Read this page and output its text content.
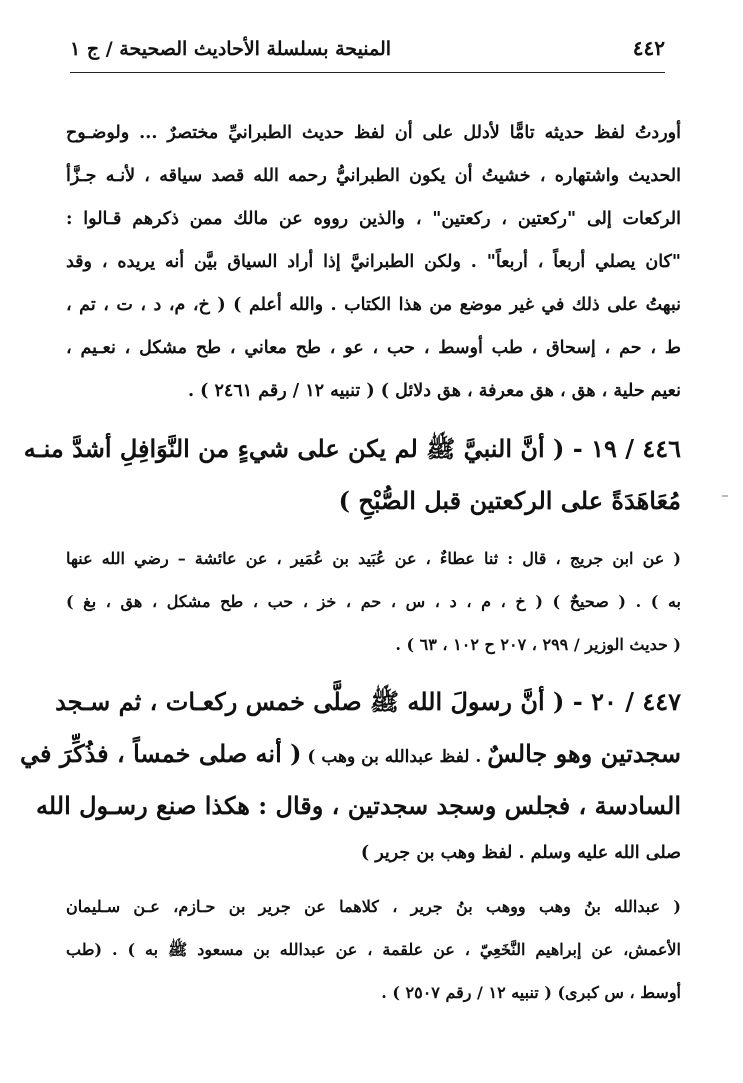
٤٤٢
المنيحة بسلسلة الأحاديث الصحيحة / ج ١
أوردتُ لفظ حديثه تامًّا لأدلل على أن لفظ حديث الطبرانيِّ مختصرٌ ... ولوضـوح
الحديث واشتهاره ، خشيتُ أن يكون الطبرانيُّ رحمه الله قصد سياقه ، لأنـه جـزَّأ
الركعات إلى "ركعتين ، ركعتين" ، والذين رووه عن مالك ممن ذكرهم قـالوا :
"كان يصلي أربعاً ، أربعاً" . ولكن الطبرانيَّ إذا أراد السياق بيَّن أنه يريده ، وقد
نبهتُ على ذلك في غير موضع من هذا الكتاب . والله أعلم ) ( خ، م، د ، ت ، تم ،
ط ، حم ، إسحاق ، طب أوسط ، حب ، عو ، طح معاني ، طح مشكل ، نعـيم ،
نعيم حلية ، هق ، هق معرفة ، هق دلائل ) ( تنبيه ١٢ / رقم ٢٤٦١ ) .
٤٤٦ / ١٩ - ( أنَّ النبيَّ ﷺ لم يكن على شيءٍ من النَّوَافِلِ أشدَّ منـه
مُعَاهَدَةً على الركعتين قبل الصُّبْحِ )
( عن ابن جريج ، قال : ثنا عطاءٌ ، عن عُبَيد بن عُمَير ، عن عائشة – رضي الله عنها
به ) . ( صحيحٌ ) ( خ ، م ، د ، س ، حم ، خز ، حب ، طح مشكل ، هق ، بغ )
( حديث الوزير / ٢٩٩ ، ٢٠٧ ح ١٠٢ ، ٦٣ ) .
٤٤٧ / ٢٠ - ( أنَّ رسولَ الله ﷺ صلَّى خمس ركعـات ، ثم سـجد
سجدتين وهو جالسٌ . لفظ عبدالله بن وهب ) ( أنه صلى خمساً ، فذُكِّرَ في
السادسة ، فجلس وسجد سجدتين ، وقال : هكذا صنع رسـول الله
صلى الله عليه وسلم . لفظ وهب بن جرير )
( عبدالله بنُ وهب ووهب بنُ جرير ، كلاهما عن جرير بن حـازم، عـن سـليمان
الأعمش، عن إبراهيم النَّخَعِيّ ، عن علقمة ، عن عبدالله بن مسعود ﷺ به ) . (طب
أوسط ، س كبرى) ( تنبيه ١٢ / رقم ٢٥٠٧ ) .
